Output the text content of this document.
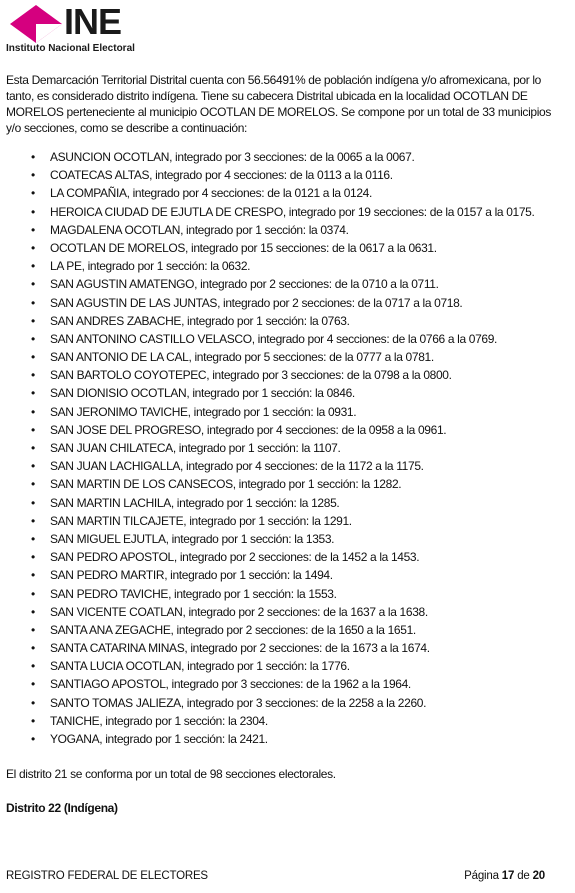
INE
Instituto Nacional Electoral

Esta Demarcación Territorial Distrital cuenta con 56.56491% de población indígena y/o afromexicana, por lo tanto, es considerado distrito indígena. Tiene su cabecera Distrital ubicada en la localidad OCOTLAN DE MORELOS perteneciente al municipio OCOTLAN DE MORELOS. Se compone por un total de 33 municipios y/o secciones, como se describe a continuación:

• ASUNCION OCOTLAN, integrado por 3 secciones: de la 0065 a la 0067.
• COATECAS ALTAS, integrado por 4 secciones: de la 0113 a la 0116.
• LA COMPAÑIA, integrado por 4 secciones: de la 0121 a la 0124.
• HEROICA CIUDAD DE EJUTLA DE CRESPO, integrado por 19 secciones: de la 0157 a la 0175.
• MAGDALENA OCOTLAN, integrado por 1 sección: la 0374.
• OCOTLAN DE MORELOS, integrado por 15 secciones: de la 0617 a la 0631.
• LA PE, integrado por 1 sección: la 0632.
• SAN AGUSTIN AMATENGO, integrado por 2 secciones: de la 0710 a la 0711.
• SAN AGUSTIN DE LAS JUNTAS, integrado por 2 secciones: de la 0717 a la 0718.
• SAN ANDRES ZABACHE, integrado por 1 sección: la 0763.
• SAN ANTONINO CASTILLO VELASCO, integrado por 4 secciones: de la 0766 a la 0769.
• SAN ANTONIO DE LA CAL, integrado por 5 secciones: de la 0777 a la 0781.
• SAN BARTOLO COYOTEPEC, integrado por 3 secciones: de la 0798 a la 0800.
• SAN DIONISIO OCOTLAN, integrado por 1 sección: la 0846.
• SAN JERONIMO TAVICHE, integrado por 1 sección: la 0931.
• SAN JOSE DEL PROGRESO, integrado por 4 secciones: de la 0958 a la 0961.
• SAN JUAN CHILATECA, integrado por 1 sección: la 1107.
• SAN JUAN LACHIGALLA, integrado por 4 secciones: de la 1172 a la 1175.
• SAN MARTIN DE LOS CANSECOS, integrado por 1 sección: la 1282.
• SAN MARTIN LACHILA, integrado por 1 sección: la 1285.
• SAN MARTIN TILCAJETE, integrado por 1 sección: la 1291.
• SAN MIGUEL EJUTLA, integrado por 1 sección: la 1353.
• SAN PEDRO APOSTOL, integrado por 2 secciones: de la 1452 a la 1453.
• SAN PEDRO MARTIR, integrado por 1 sección: la 1494.
• SAN PEDRO TAVICHE, integrado por 1 sección: la 1553.
• SAN VICENTE COATLAN, integrado por 2 secciones: de la 1637 a la 1638.
• SANTA ANA ZEGACHE, integrado por 2 secciones: de la 1650 a la 1651.
• SANTA CATARINA MINAS, integrado por 2 secciones: de la 1673 a la 1674.
• SANTA LUCIA OCOTLAN, integrado por 1 sección: la 1776.
• SANTIAGO APOSTOL, integrado por 3 secciones: de la 1962 a la 1964.
• SANTO TOMAS JALIEZA, integrado por 3 secciones: de la 2258 a la 2260.
• TANICHE, integrado por 1 sección: la 2304.
• YOGANA, integrado por 1 sección: la 2421.

El distrito 21 se conforma por un total de 98 secciones electorales.

Distrito 22 (Indígena)

REGISTRO FEDERAL DE ELECTORES	Página 17 de 20
